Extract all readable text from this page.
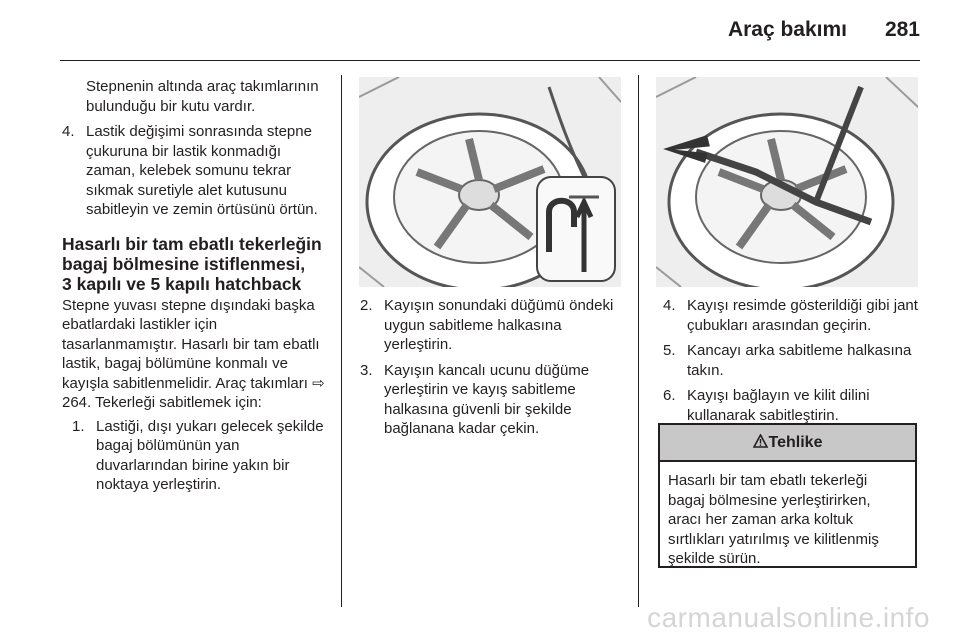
Araç bakımı 281

Stepnenin altında araç takımlarının bulunduğu bir kutu vardır.

4. Lastik değişimi sonrasında stepne çukuruna bir lastik konmadığı zaman, kelebek somunu tekrar sıkmak suretiyle alet kutusunu sabitleyin ve zemin örtüsünü örtün.
Hasarlı bir tam ebatlı tekerleğin
bagaj bölmesine istiflenmesi,
3 kapılı ve 5 kapılı hatchback

Stepne yuvası stepne dışındaki başka ebatlardaki lastikler için tasarlanmamıştır. Hasarlı bir tam ebatlı lastik, bagaj bölümüne konmalı ve kayışla sabitlenmelidir. Araç takımları ⇨ 264. Tekerleği sabitlemek için:

1. Lastiği, dışı yukarı gelecek şekilde bagaj bölümünün yan duvarlarından birine yakın bir noktaya yerleştirin.
2. Kayışın sonundaki düğümü öndeki uygun sabitleme halkasına yerleştirin.
3. Kayışın kancalı ucunu düğüme yerleştirin ve kayış sabitleme halkasına güvenli bir şekilde bağlanana kadar çekin.
4. Kayışı resimde gösterildiği gibi jant çubukları arasından geçirin.
5. Kancayı arka sabitleme halkasına takın.
6. Kayışı bağlayın ve kilit dilini kullanarak sabitleştirin.
Tehlike
Hasarlı bir tam ebatlı tekerleği bagaj bölmesine yerleştirirken, aracı her zaman arka koltuk sırtlıkları yatırılmış ve kilitlenmiş şekilde sürün.
carmanualsonline.info
